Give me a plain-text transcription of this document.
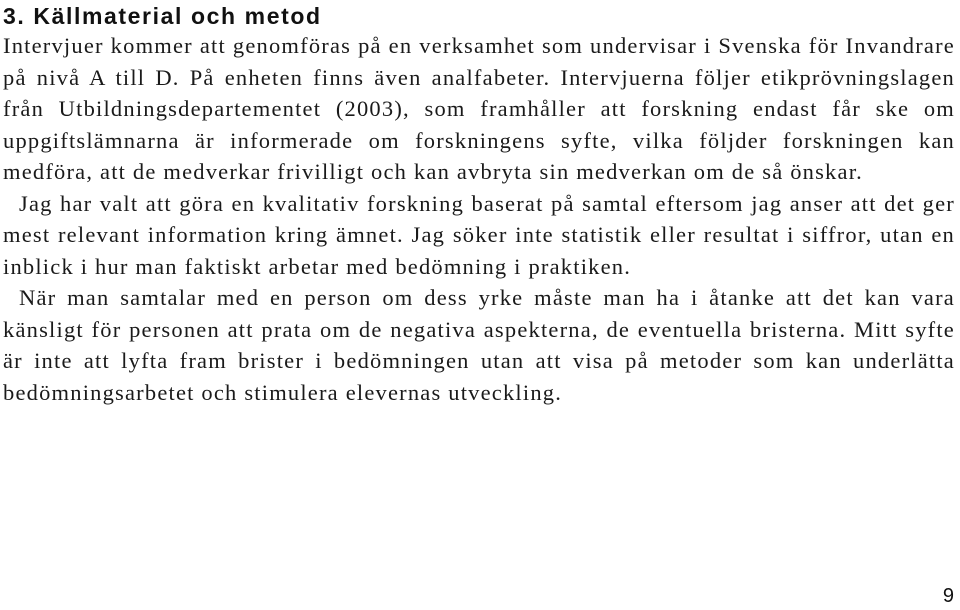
3. Källmaterial och metod

Intervjuer kommer att genomföras på en verksamhet som undervisar i Svenska för Invandrare på nivå A till D. På enheten finns även analfabeter. Intervjuerna följer etikprövningslagen från Utbildningsdepartementet (2003), som framhåller att forskning endast får ske om uppgiftslämnarna är informerade om forskningens syfte, vilka följder forskningen kan medföra, att de medverkar frivilligt och kan avbryta sin medverkan om de så önskar.

Jag har valt att göra en kvalitativ forskning baserat på samtal eftersom jag anser att det ger mest relevant information kring ämnet. Jag söker inte statistik eller resultat i siffror, utan en inblick i hur man faktiskt arbetar med bedömning i praktiken.

När man samtalar med en person om dess yrke måste man ha i åtanke att det kan vara känsligt för personen att prata om de negativa aspekterna, de eventuella bristerna. Mitt syfte är inte att lyfta fram brister i bedömningen utan att visa på metoder som kan underlätta bedömningsarbetet och stimulera elevernas utveckling.

9
